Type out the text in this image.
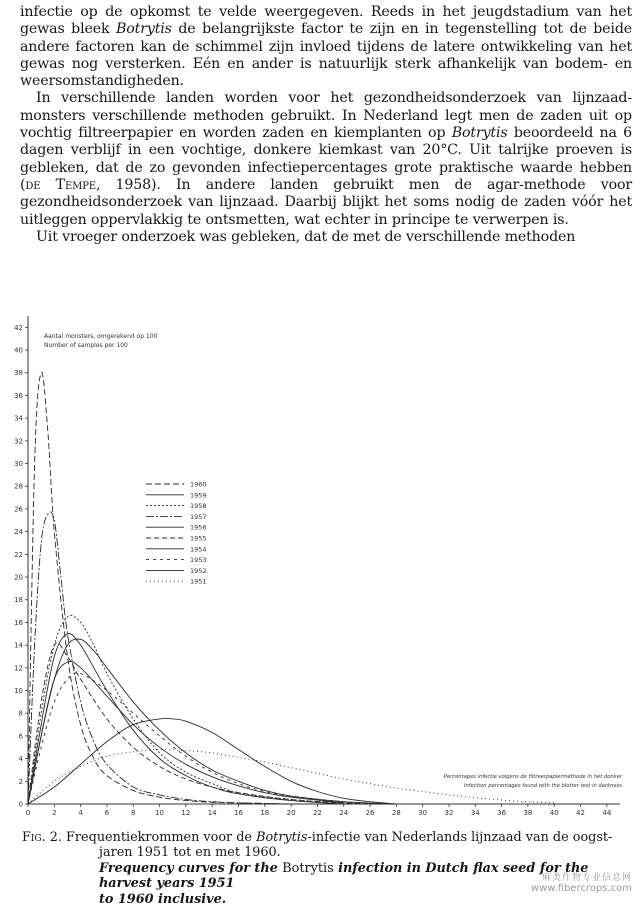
infectie op de opkomst te velde weergegeven. Reeds in het jeugdstadium van het gewas bleek Botrytis de belangrijkste factor te zijn en in tegenstelling tot de beide andere factoren kan de schimmel zijn invloed tijdens de latere ontwikkeling van het gewas nog versterken. Eén en ander is natuurlijk sterk afhankelijk van bodem- en weersomstandigheden.

In verschillende landen worden voor het gezondheidsonderzoek van lijnzaad-monsters verschillende methoden gebruikt. In Nederland legt men de zaden uit op vochtig filtreerpapier en worden zaden en kiemplanten op Botrytis beoordeeld na 6 dagen verblijf in een vochtige, donkere kiemkast van 20°C. Uit talrijke proeven is gebleken, dat de zo gevonden infectiepercentages grote praktische waarde hebben (de Tempe, 1958). In andere landen gebruikt men de agar-methode voor gezondheidsonderzoek van lijnzaad. Daarbij blijkt het soms nodig de zaden vóór het uitleggen oppervlakkig te ontsmetten, wat echter in principe te verwerpen is.

Uit vroeger onderzoek was gebleken, dat de met de verschillende methoden

0
2
4
6
8
10
12
14
16
18
20
22
24
26
28
30
32
34
36
38
40
42
0	2	4	6	8	10 12 14 16 18 20 22 24 26 28 30 32 34 36 38 40 42 44
1960
1959
1958
1957
1956
1955
1954
1953
1952
1951
Aantal monsters, omgerekend op 100
Number of samples per 100
Percentages infectie volgens de filtreerpapiermethode in het donker
Infection percentages found with the blotter test in darkness

Fig. 2. Frequentiekrommen voor de Botrytis-infectie van Nederlands lijnzaad van de oogst-

jaren 1951 tot en met 1960.

Frequency curves for the Botrytis infection in Dutch flax seed for the harvest years 1951

to 1960 inclusive.

麻类作物专业信息网
www.fibercrops.com
